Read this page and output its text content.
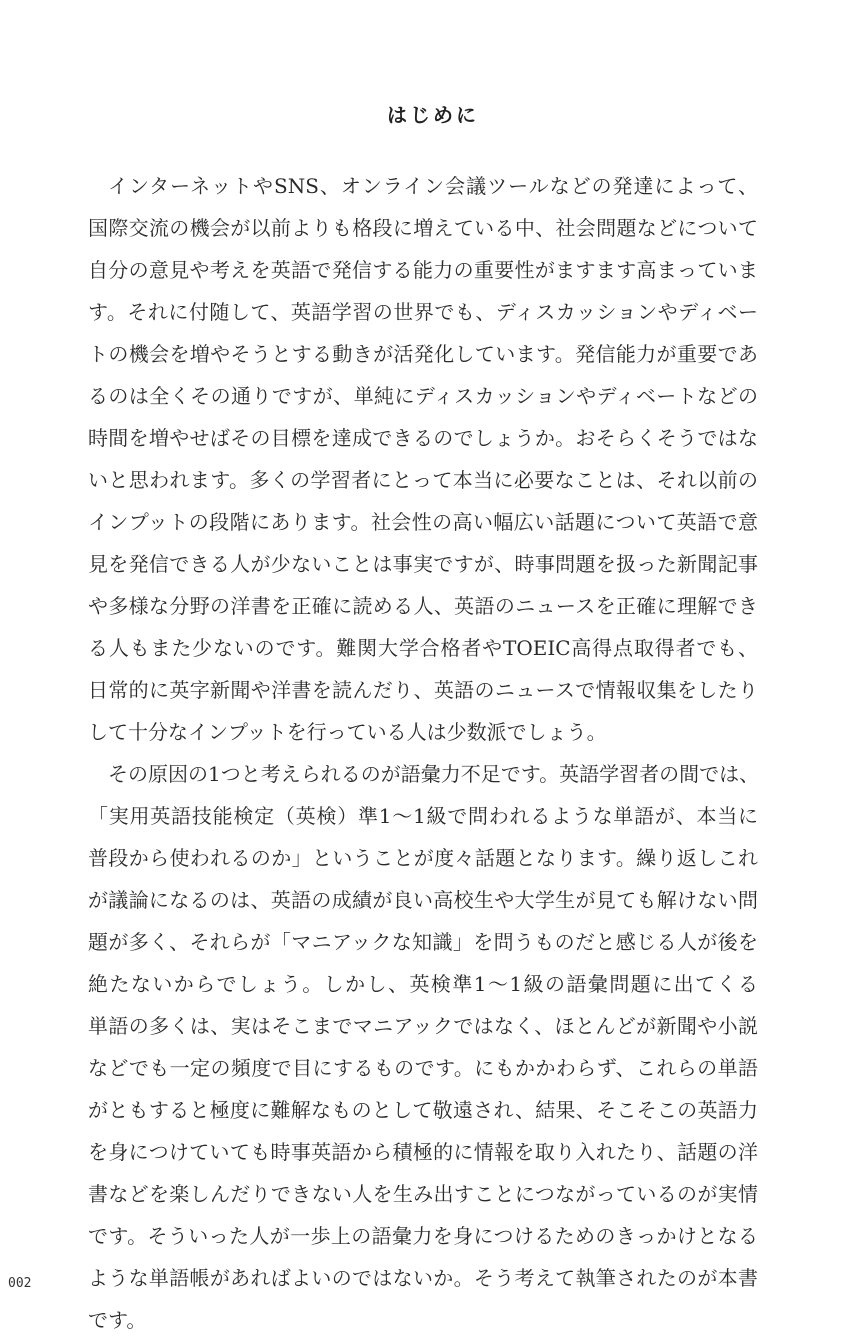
はじめに
インターネットやSNS、オンライン会議ツールなどの発達によって、
国際交流の機会が以前よりも格段に増えている中、社会問題などについて
自分の意見や考えを英語で発信する能力の重要性がますます高まっていま
す。それに付随して、英語学習の世界でも、ディスカッションやディベー
トの機会を増やそうとする動きが活発化しています。発信能力が重要であ
るのは全くその通りですが、単純にディスカッションやディベートなどの
時間を増やせばその目標を達成できるのでしょうか。おそらくそうではな
いと思われます。多くの学習者にとって本当に必要なことは、それ以前の
インプットの段階にあります。社会性の高い幅広い話題について英語で意
見を発信できる人が少ないことは事実ですが、時事問題を扱った新聞記事
や多様な分野の洋書を正確に読める人、英語のニュースを正確に理解でき
る人もまた少ないのです。難関大学合格者やTOEIC高得点取得者でも、
日常的に英字新聞や洋書を読んだり、英語のニュースで情報収集をしたり
して十分なインプットを行っている人は少数派でしょう。
その原因の1つと考えられるのが語彙力不足です。英語学習者の間では、
「実用英語技能検定（英検）準1〜1級で問われるような単語が、本当に
普段から使われるのか」ということが度々話題となります。繰り返しこれ
が議論になるのは、英語の成績が良い高校生や大学生が見ても解けない問
題が多く、それらが「マニアックな知識」を問うものだと感じる人が後を
絶たないからでしょう。しかし、英検準1〜1級の語彙問題に出てくる
単語の多くは、実はそこまでマニアックではなく、ほとんどが新聞や小説
などでも一定の頻度で目にするものです。にもかかわらず、これらの単語
がともすると極度に難解なものとして敬遠され、結果、そこそこの英語力
を身につけていても時事英語から積極的に情報を取り入れたり、話題の洋
書などを楽しんだりできない人を生み出すことにつながっているのが実情
です。そういった人が一歩上の語彙力を身につけるためのきっかけとなる
ような単語帳があればよいのではないか。そう考えて執筆されたのが本書
です。
002
